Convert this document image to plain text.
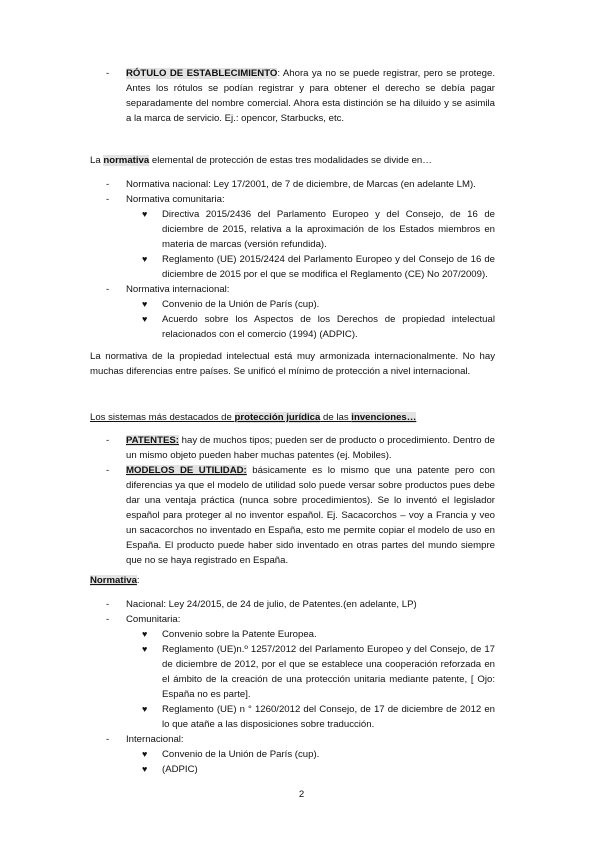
-	RÓTULO DE ESTABLECIMIENTO: Ahora ya no se puede registrar, pero se protege. Antes los rótulos se podían registrar y para obtener el derecho se debía pagar separadamente del nombre comercial. Ahora esta distinción se ha diluido y se asimila a la marca de servicio. Ej.: opencor, Starbucks, etc.

La normativa elemental de protección de estas tres modalidades se divide en…

-	Normativa nacional: Ley 17/2001, de 7 de diciembre, de Marcas (en adelante LM).
-	Normativa comunitaria:
♥	Directiva 2015/2436 del Parlamento Europeo y del Consejo, de 16 de diciembre de 2015, relativa a la aproximación de los Estados miembros en materia de marcas (versión refundida).
♥	Reglamento (UE) 2015/2424 del Parlamento Europeo y del Consejo de 16 de diciembre de 2015 por el que se modifica el Reglamento (CE) No 207/2009).
-	Normativa internacional:
♥	Convenio de la Unión de París (cup).
♥	Acuerdo sobre los Aspectos de los Derechos de propiedad intelectual relacionados con el comercio (1994) (ADPIC).

La normativa de la propiedad intelectual está muy armonizada internacionalmente. No hay muchas diferencias entre países. Se unificó el mínimo de protección a nivel internacional.

Los sistemas más destacados de protección jurídica de las invenciones…

-	PATENTES: hay de muchos tipos; pueden ser de producto o procedimiento. Dentro de un mismo objeto pueden haber muchas patentes (ej. Mobiles).
-	MODELOS DE UTILIDAD: básicamente es lo mismo que una patente pero con diferencias ya que el modelo de utilidad solo puede versar sobre productos pues debe dar una ventaja práctica (nunca sobre procedimientos). Se lo inventó el legislador español para proteger al no inventor español. Ej. Sacacorchos – voy a Francia y veo un sacacorchos no inventado en España, esto me permite copiar el modelo de uso en España. El producto puede haber sido inventado en otras partes del mundo siempre que no se haya registrado en España.

Normativa:

-	Nacional: Ley 24/2015, de 24 de julio, de Patentes.(en adelante, LP)
-	Comunitaria:
♥	Convenio sobre la Patente Europea.
♥	Reglamento (UE)n.º 1257/2012 del Parlamento Europeo y del Consejo, de 17 de diciembre de 2012, por el que se establece una cooperación reforzada en el ámbito de la creación de una protección unitaria mediante patente, [ Ojo: España no es parte].
♥	Reglamento (UE) n ° 1260/2012 del Consejo, de 17 de diciembre de 2012 en lo que atañe a las disposiciones sobre traducción.
-	Internacional:
♥	Convenio de la Unión de París (cup).
♥	(ADPIC)
2
